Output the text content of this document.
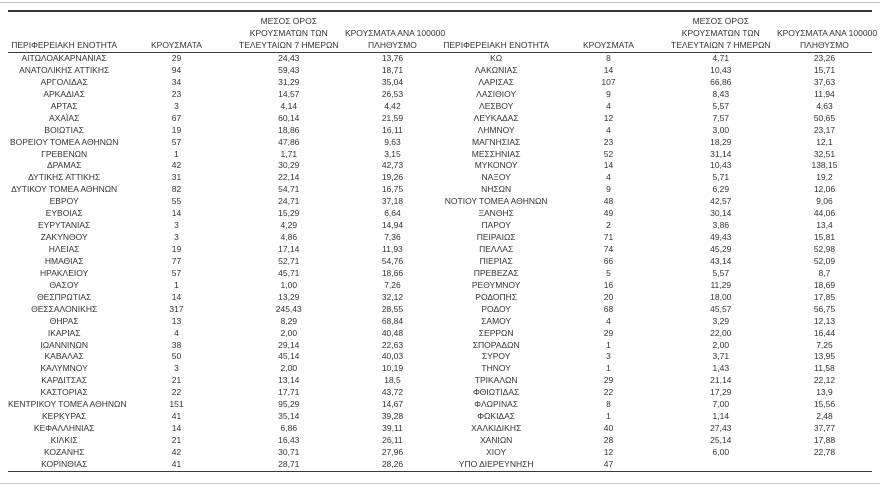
ΠΕΡΙΦΕΡΕΙΑΚΗ ΕΝΟΤΗΤΑ	ΚΡΟΥΣΜΑΤΑ	ΜΕΣΟΣ ΟΡΟΣ
ΚΡΟΥΣΜΑΤΩΝ ΤΩΝ
ΤΕΛΕΥΤΑΙΩΝ 7 ΗΜΕΡΩΝ	ΚΡΟΥΣΜΑΤΑ ΑΝΑ 100000
ΠΛΗΘΥΣΜΟ

ΑΙΤΩΛΟΑΚΑΡΝΑΝΙΑΣ	29	24,43	13,76
ΑΝΑΤΟΛΙΚΗΣ ΑΤΤΙΚΗΣ	94	59,43	18,71
ΑΡΓΟΛΙΔΑΣ	34	31,29	35,04
ΑΡΚΑΔΙΑΣ	23	14,57	26,53
ΑΡΤΑΣ	3	4,14	4,42
ΑΧΑΪΑΣ	67	60,14	21,59
ΒΟΙΩΤΙΑΣ	19	18,86	16,11
ΒΟΡΕΙΟΥ ΤΟΜΕΑ ΑΘΗΝΩΝ	57	47,86	9,63
ΓΡΕΒΕΝΩΝ	1	1,71	3,15
ΔΡΑΜΑΣ	42	30,29	42,73
ΔΥΤΙΚΗΣ ΑΤΤΙΚΗΣ	31	22,14	19,26
ΔΥΤΙΚΟΥ ΤΟΜΕΑ ΑΘΗΝΩΝ	82	54,71	16,75
ΕΒΡΟΥ	55	24,71	37,18
ΕΥΒΟΙΑΣ	14	15,29	6,64
ΕΥΡΥΤΑΝΙΑΣ	3	4,29	14,94
ΖΑΚΥΝΘΟΥ	3	4,86	7,36
ΗΛΕΙΑΣ	19	17,14	11,93
ΗΜΑΘΙΑΣ	77	52,71	54,76
ΗΡΑΚΛΕΙΟΥ	57	45,71	18,66
ΘΑΣΟΥ	1	1,00	7,26
ΘΕΣΠΡΩΤΙΑΣ	14	13,29	32,12
ΘΕΣΣΑΛΟΝΙΚΗΣ	317	245,43	28,55
ΘΗΡΑΣ	13	8,29	68,84
ΙΚΑΡΙΑΣ	4	2,00	40,48
ΙΩΑΝΝΙΝΩΝ	38	29,14	22,63
ΚΑΒΑΛΑΣ	50	45,14	40,03
ΚΑΛΥΜΝΟΥ	3	2,00	10,19
ΚΑΡΔΙΤΣΑΣ	21	13,14	18,5
ΚΑΣΤΟΡΙΑΣ	22	17,71	43,72
ΚΕΝΤΡΙΚΟΥ ΤΟΜΕΑ ΑΘΗΝΩΝ	151	95,29	14,67
ΚΕΡΚΥΡΑΣ	41	35,14	39,28
ΚΕΦΑΛΛΗΝΙΑΣ	14	6,86	39,11
ΚΙΛΚΙΣ	21	16,43	26,11
ΚΟΖΑΝΗΣ	42	30,71	27,96
ΚΟΡΙΝΘΙΑΣ	41	28,71	28,26
ΠΕΡΙΦΕΡΕΙΑΚΗ ΕΝΟΤΗΤΑ	ΚΡΟΥΣΜΑΤΑ	ΜΕΣΟΣ ΟΡΟΣ
ΚΡΟΥΣΜΑΤΩΝ ΤΩΝ
ΤΕΛΕΥΤΑΙΩΝ 7 ΗΜΕΡΩΝ	ΚΡΟΥΣΜΑΤΑ ΑΝΑ 100000
ΠΛΗΘΥΣΜΟ

ΚΩ	8	4,71	23,26
ΛΑΚΩΝΙΑΣ	14	10,43	15,71
ΛΑΡΙΣΑΣ	107	66,86	37,63
ΛΑΣΙΘΙΟΥ	9	8,43	11,94
ΛΕΣΒΟΥ	4	5,57	4,63
ΛΕΥΚΑΔΑΣ	12	7,57	50,65
ΛΗΜΝΟΥ	4	3,00	23,17
ΜΑΓΝΗΣΙΑΣ	23	18,29	12,1
ΜΕΣΣΗΝΙΑΣ	52	31,14	32,51
ΜΥΚΟΝΟΥ	14	10,43	138,15
ΝΑΞΟΥ	4	5,71	19,2
ΝΗΣΩΝ	9	6,29	12,06
ΝΟΤΙΟΥ ΤΟΜΕΑ ΑΘΗΝΩΝ	48	42,57	9,06
ΞΑΝΘΗΣ	49	30,14	44,06
ΠΑΡΟΥ	2	3,86	13,4
ΠΕΙΡΑΙΩΣ	71	49,43	15,81
ΠΕΛΛΑΣ	74	45,29	52,98
ΠΙΕΡΙΑΣ	66	43,14	52,09
ΠΡΕΒΕΖΑΣ	5	5,57	8,7
ΡΕΘΥΜΝΟΥ	16	11,29	18,69
ΡΟΔΟΠΗΣ	20	18,00	17,85
ΡΟΔΟΥ	68	45,57	56,75
ΣΑΜΟΥ	4	3,29	12,13
ΣΕΡΡΩΝ	29	22,00	16,44
ΣΠΟΡΑΔΩΝ	1	2,00	7,25
ΣΥΡΟΥ	3	3,71	13,95
ΤΗΝΟΥ	1	1,43	11,58
ΤΡΙΚΑΛΩΝ	29	21,14	22,12
ΦΘΙΩΤΙΔΑΣ	22	17,29	13,9
ΦΛΩΡΙΝΑΣ	8	7,00	15,56
ΦΩΚΙΔΑΣ	1	1,14	2,48
ΧΑΛΚΙΔΙΚΗΣ	40	27,43	37,77
ΧΑΝΙΩΝ	28	25,14	17,88
ΧΙΟΥ	12	6,00	22,78
ΥΠΟ ΔΙΕΡΕΥΝΗΣΗ	47		
